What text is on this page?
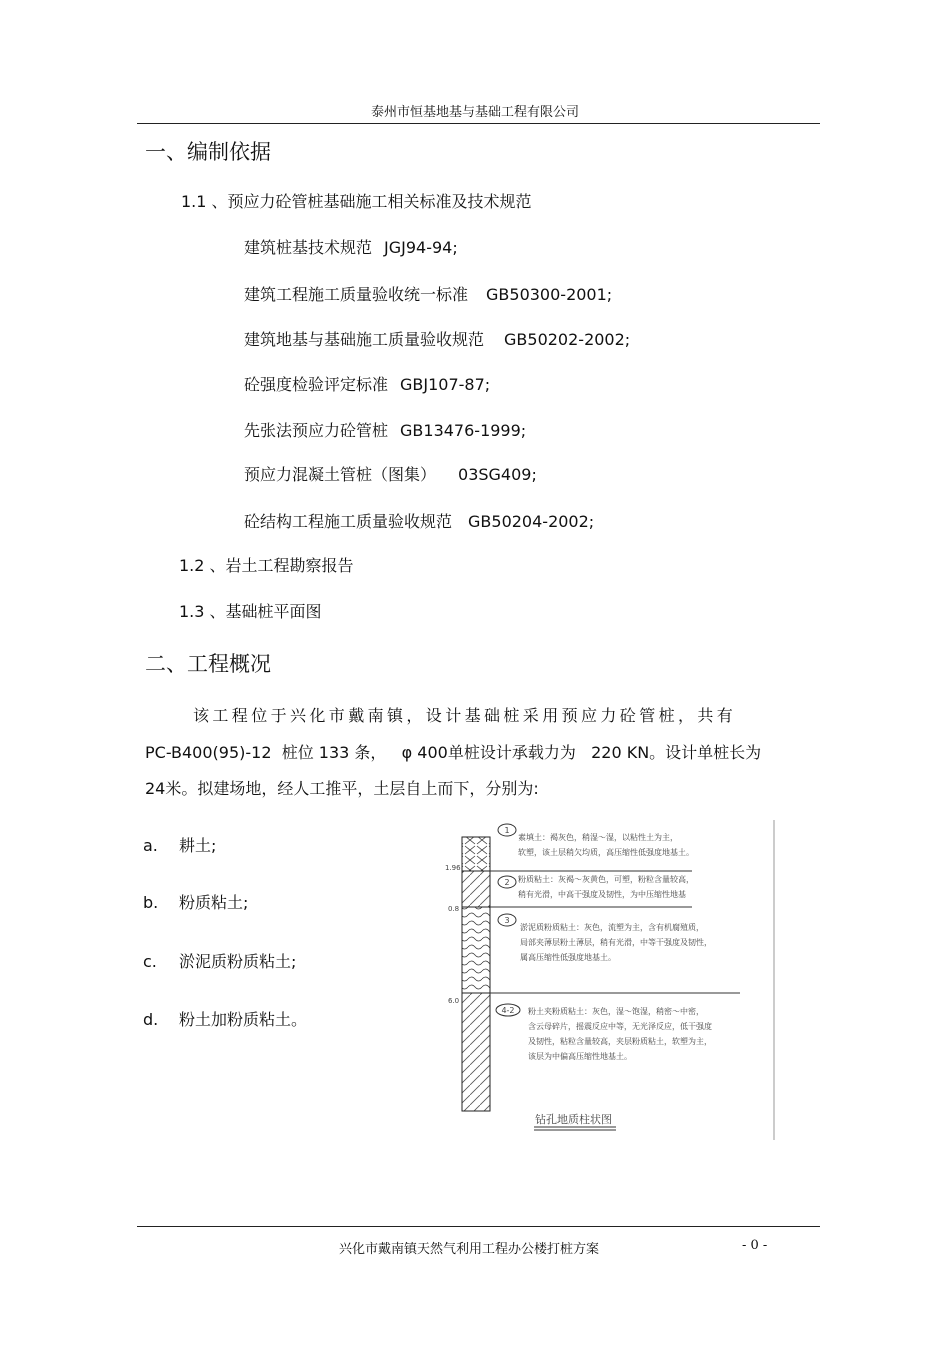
泰州市恒基地基与基础工程有限公司
一、编制依据
1.1 、预应力砼管桩基础施工相关标准及技术规范
建筑桩基技术规范 JGJ94-94;
建筑工程施工质量验收统一标准 GB50300-2001;
建筑地基与基础施工质量验收规范 GB50202-2002;
砼强度检验评定标准 GBJ107-87;
先张法预应力砼管桩 GB13476-1999;
预应力混凝土管桩（图集） 03SG409;
砼结构工程施工质量验收规范 GB50204-2002;
1.2 、岩土工程勘察报告
1.3 、基础桩平面图
二、工程概况
该工程位于兴化市戴南镇，设计基础桩采用预应力砼管桩，共有
PC-B400(95)-12  桩位 133 条，   φ 400单桩设计承载力为   220 KN。设计单桩长为
24米。拟建场地，经人工推平，土层自上而下，分别为:
a. 耕土;
b. 粉质粘土;
c. 淤泥质粉质粘土;
d. 粉土加粉质粘土。
1.96
0.8
6.0
1
素填土：褐灰色，稍湿～湿，以粘性土为主，
软塑，该土层稍欠均质，高压缩性低强度地基土。
2 粉质粘土：灰褐～灰黄色，可塑，粉粒含量较高，
稍有光滑，中高干强度及韧性，为中压缩性地基
3
淤泥质粉质粘土：灰色，流塑为主，含有机腐殖质，
局部夹薄层粉土薄层，稍有光滑，中等干强度及韧性，
属高压缩性低强度地基土。
4-2 粉土夹粉质粘土：灰色，湿～饱湿，稍密～中密，
含云母碎片，摇震反应中等，无光泽反应，低干强度
及韧性，粘粒含量较高，夹层粉质粘土，软塑为主，
该层为中偏高压缩性地基土。
钻孔地质柱状图
兴化市戴南镇天然气利用工程办公楼打桩方案	- 0 -
